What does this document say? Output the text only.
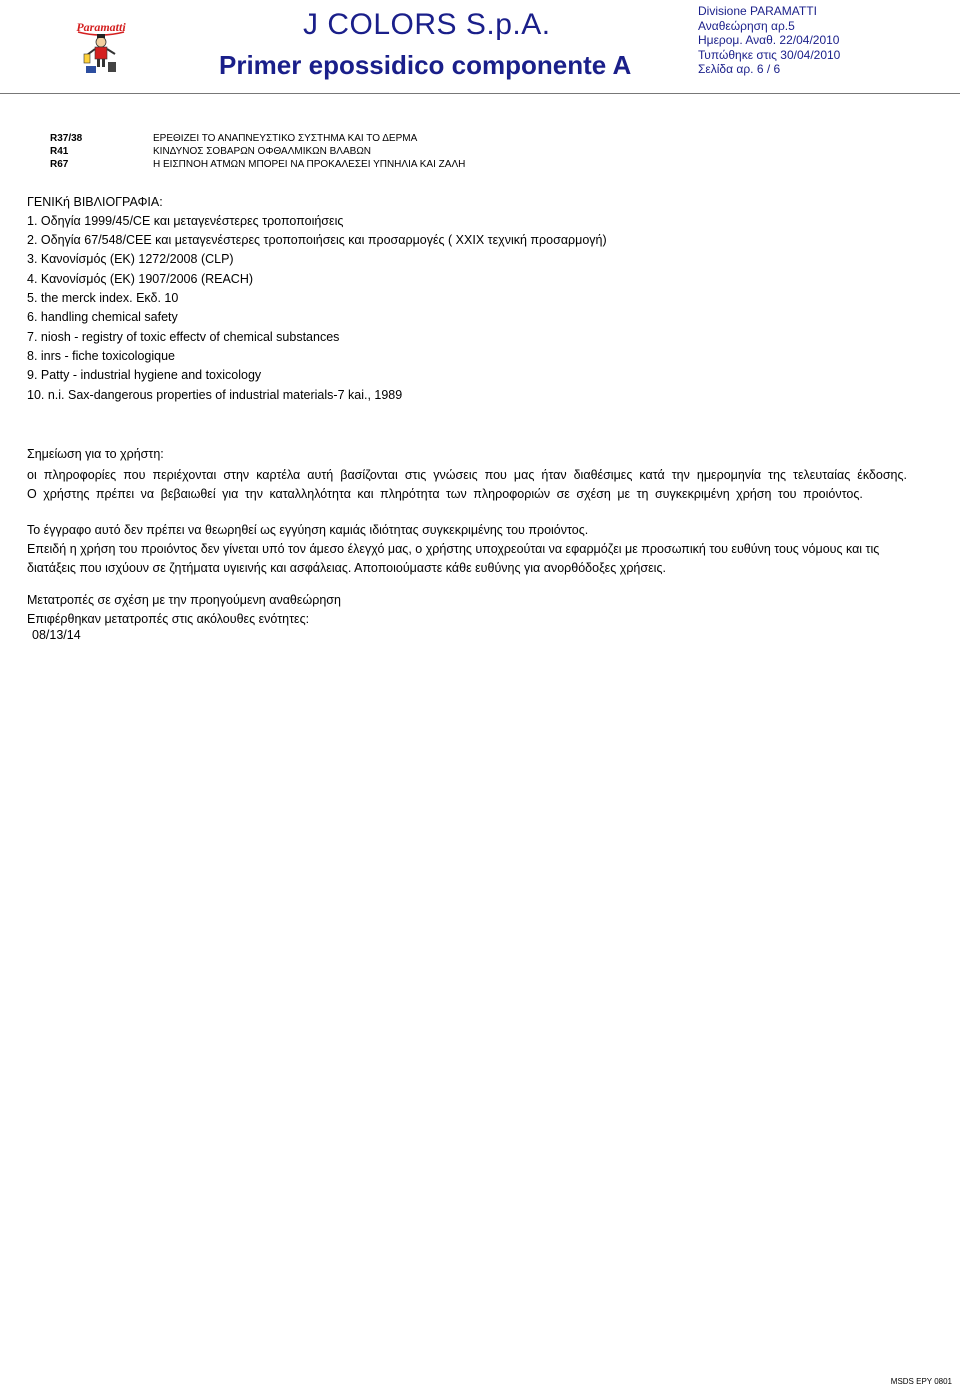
Paramatti	J COLORS S.p.A.
Primer epossidico componente A
Divisione PARAMATTI
Αναθεώρηση αρ.5
Ημερομ. Αναθ. 22/04/2010
Τυπώθηκε στις 30/04/2010
Σελίδα αρ. 6 / 6
R37/38	ΕΡΕΘΙΖΕΙ ΤΟ ΑΝΑΠΝΕΥΣΤΙΚΟ ΣΥΣΤΗΜΑ ΚΑΙ ΤΟ ΔΕΡΜΑ
R41	ΚΙΝΔΥΝΟΣ ΣΟΒΑΡΩΝ ΟΦΘΑΛΜΙΚΩΝ ΒΛΑΒΩΝ
R67	Η ΕΙΣΠΝΟΗ ΑΤΜΩΝ ΜΠΟΡΕΙ ΝΑ ΠΡΟΚΑΛΕΣΕΙ ΥΠΝΗΛΙΑ ΚΑΙ ΖΑΛΗ
ΓΕΝΙΚή ΒΙΒΛΙΟΓΡΑΦΙΑ:
1. Οδηγία 1999/45/CE και μεταγενέστερες τροποποιήσεις
2. Οδηγία 67/548/CEE και μεταγενέστερες τροποποιήσεις και προσαρμογές ( XXIX τεχνική προσαρμογή)
3. Κανονίσμός (ΕΚ) 1272/2008 (CLP)
4. Κανονίσμός (ΕΚ) 1907/2006 (REACH)
5. the merck index. Εκδ. 10
6. handling chemical safety
7. niosh - registry of toxic effectv of chemical substances
8. inrs - fiche toxicologique
9. Patty - industrial hygiene and toxicology
10. n.i. Sax-dangerous properties of industrial materials-7 kai., 1989
Σημείωση για το χρήστη:
οι πληροφορίες που περιέχονται στην καρτέλα αυτή βασίζονται στις γνώσεις που μας ήταν διαθέσιμες κατά την ημερομηνία της τελευταίας έκδοσης. Ο χρήστης πρέπει να βεβαιωθεί για την καταλληλότητα και πληρότητα των πληροφοριών σε σχέση με τη συγκεκριμένη χρήση του προιόντος.
Το έγγραφο αυτό δεν πρέπει να θεωρηθεί ως εγγύηση καμιάς ιδιότητας συγκεκριμένης του προιόντος.
Επειδή η χρήση του προιόντος δεν γίνεται υπό τον άμεσο έλεγχό μας, ο χρήστης υποχρεούται να εφαρμόζει με προσωπική του ευθύνη τους νόμους και τις διατάξεις που ισχύουν σε ζητήματα υγιεινής και ασφάλειας. Αποποιούμαστε κάθε ευθύνης για ανορθόδοξες χρήσεις.
Μετατροπές σε σχέση με την προηγούμενη αναθεώρηση
Επιφέρθηκαν μετατροπές στις ακόλουθες ενότητες:
08/13/14
MSDS EPY 0801
